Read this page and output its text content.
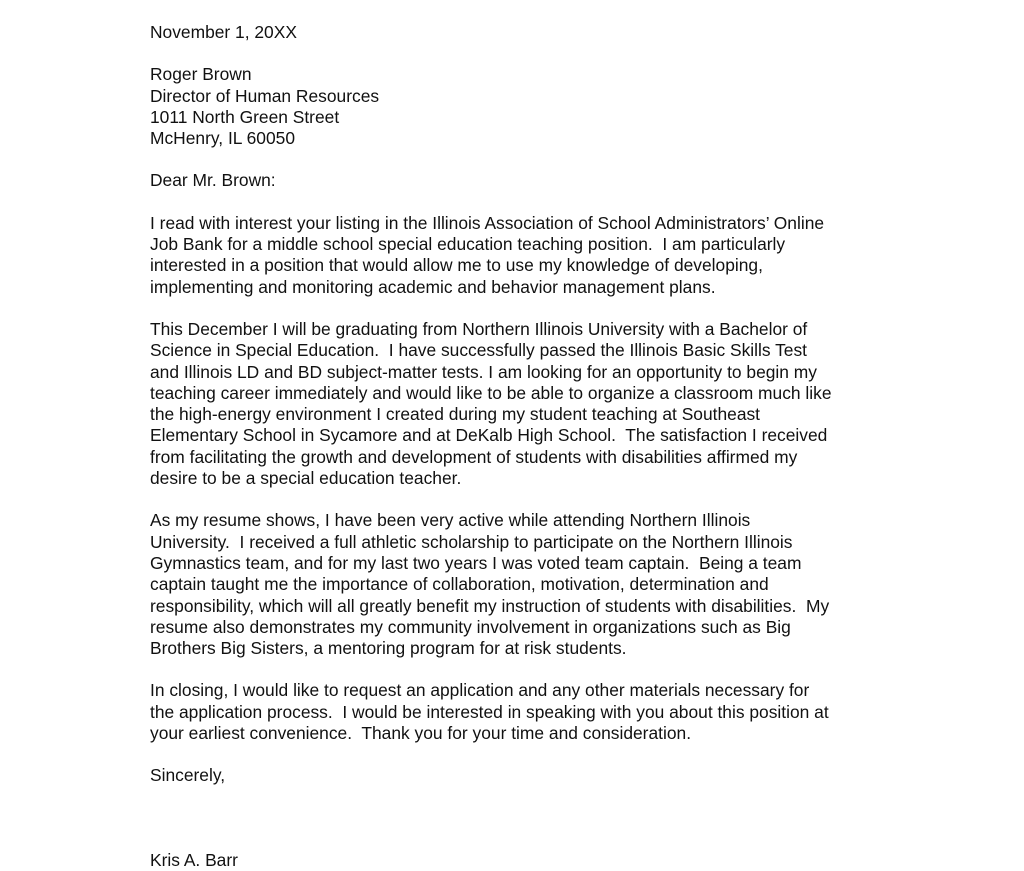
November 1, 20XX
Roger Brown
Director of Human Resources
1011 North Green Street
McHenry, IL 60050
Dear Mr. Brown:
I read with interest your listing in the Illinois Association of School Administrators’ Online
Job Bank for a middle school special education teaching position.  I am particularly
interested in a position that would allow me to use my knowledge of developing,
implementing and monitoring academic and behavior management plans.
This December I will be graduating from Northern Illinois University with a Bachelor of
Science in Special Education.  I have successfully passed the Illinois Basic Skills Test
and Illinois LD and BD subject-matter tests. I am looking for an opportunity to begin my
teaching career immediately and would like to be able to organize a classroom much like
the high-energy environment I created during my student teaching at Southeast
Elementary School in Sycamore and at DeKalb High School.  The satisfaction I received
from facilitating the growth and development of students with disabilities affirmed my
desire to be a special education teacher.
As my resume shows, I have been very active while attending Northern Illinois
University.  I received a full athletic scholarship to participate on the Northern Illinois
Gymnastics team, and for my last two years I was voted team captain.  Being a team
captain taught me the importance of collaboration, motivation, determination and
responsibility, which will all greatly benefit my instruction of students with disabilities.  My
resume also demonstrates my community involvement in organizations such as Big
Brothers Big Sisters, a mentoring program for at risk students.
In closing, I would like to request an application and any other materials necessary for
the application process.  I would be interested in speaking with you about this position at
your earliest convenience.  Thank you for your time and consideration.
Sincerely,
Kris A. Barr
